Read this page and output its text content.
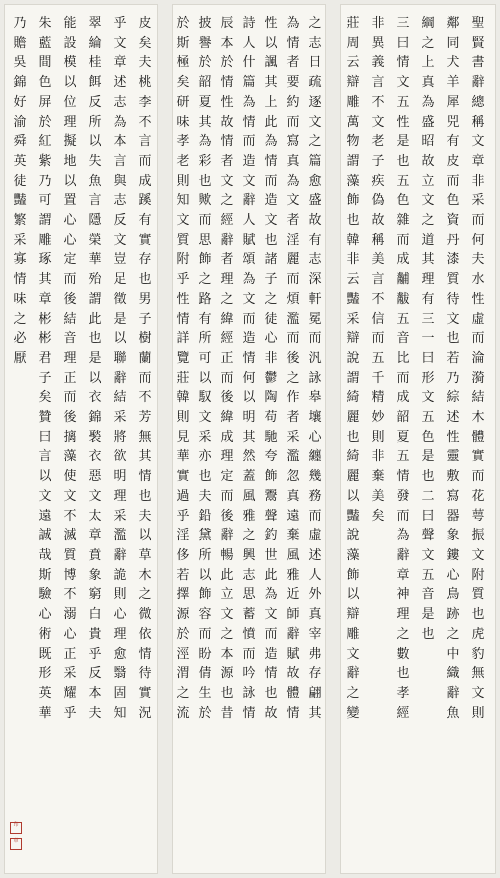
皮矣夫桃李不言而成蹊有實存也男子樹蘭而不芳無其情也夫以草木之微依情待實況
乎文章述志為本言與志反文豈足徵是以聯辭結采將欲明理采濫辭詭則心理愈翳固知
翠綸桂餌反所以失魚言隱榮華殆謂此也是以衣錦褧衣惡文太章賁象窮白貴乎反本夫
能設模以位理擬地以置心心定而後結音理正而後摛藻使文不滅質博不溺心正采耀乎
朱藍間色屏於紅紫乃可謂雕琢其章彬彬君子矣贊曰言以文遠誠哉斯驗心術既形英華
乃贍吳錦好渝舜英徒豔繁采寡情味之必厭
印
章
之志日疏逐文之篇愈盛故有志深軒冕而汎詠皋壤心纏幾務而虛述人外真宰弗存翩其
為情者要約而寫真為文者淫麗而煩濫而後之作者采濫忽真遠棄風雅近師辭賦故體情
性以諷其上此為情而造文也諸子之徒心非鬱陶苟馳夸飾鬻聲釣世此為文而造情也故
詩人什篇為情而造文辭人賦頌為文而造情何以明其然蓋風雅之興志思蓄憤而吟詠情
辰本於情性故情者文之經辭者理之緯經正而後緯成理定而後辭暢此立文之本源也昔
披譽於韶夏其為彩也歟而思飾之路有所可以馭文采亦也夫鉛黛所以飾容而盼倩生於
於斯極矣研味孝老則知文質附乎性情詳覽莊韓則見華實過乎淫侈若擇源於涇渭之流
莊周云辯雕萬物謂藻飾也韓非云豔采辯說謂綺麗也綺麗以豔說藻飾以辯雕文辭之變
非異義言不文老子疾偽故稱美言不信而五千精妙則非棄美矣
三曰情文五性是也五色雜而成黼黻五音比而成韶夏五情發而為辭章神理之數也孝經
綱之上真為盛昭故立文之道其理有三一曰形文五色是也二曰聲文五音是也
鄰同犬羊犀兕有皮而色資丹漆質待文也若乃綜述性靈敷寫器象鏤心鳥跡之中織辭魚
聖賢書辭總稱文章非采而何夫水性虛而淪漪結木體實而花萼振文附質也虎豹無文則
